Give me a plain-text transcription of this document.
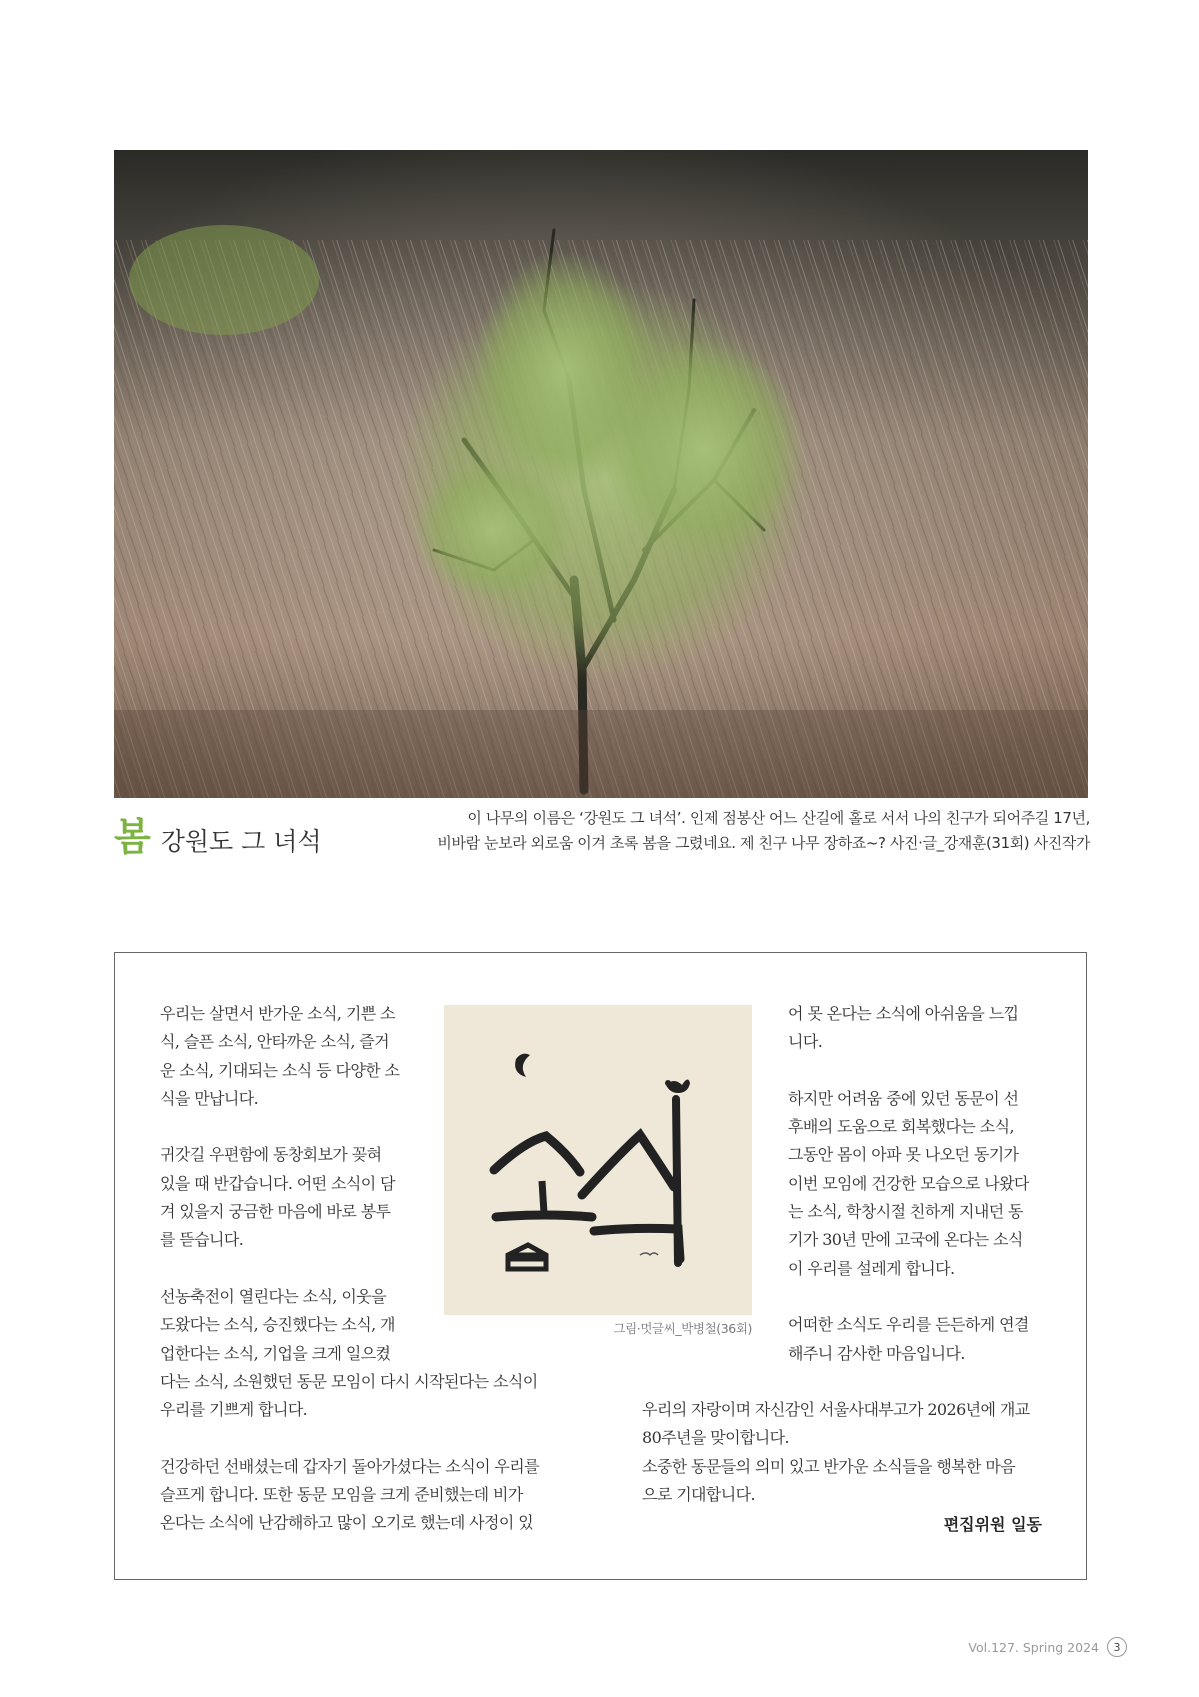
봄 강원도 그 녀석
이 나무의 이름은 ‘강원도 그 녀석’. 인제 점봉산 어느 산길에 홀로 서서 나의 친구가 되어주길 17년,
비바람 눈보라 외로움 이겨 초록 봄을 그렸네요. 제 친구 나무 장하죠~? 사진·글_강재훈(31회) 사진작가

우리는 살면서 반가운 소식, 기쁜 소
식, 슬픈 소식, 안타까운 소식, 즐거
운 소식, 기대되는 소식 등 다양한 소
식을 만납니다.

귀갓길 우편함에 동창회보가 꽂혀
있을 때 반갑습니다. 어떤 소식이 담
겨 있을지 궁금한 마음에 바로 봉투
를 뜯습니다.

선농축전이 열린다는 소식, 이웃을
도왔다는 소식, 승진했다는 소식, 개
업한다는 소식, 기업을 크게 일으켰

다는 소식, 소원했던 동문 모임이 다시 시작된다는 소식이
우리를 기쁘게 합니다.

건강하던 선배셨는데 갑자기 돌아가셨다는 소식이 우리를
슬프게 합니다. 또한 동문 모임을 크게 준비했는데 비가
온다는 소식에 난감해하고 많이 오기로 했는데 사정이 있

그림·멋글씨_박병철(36회)

어 못 온다는 소식에 아쉬움을 느낍
니다.

하지만 어려움 중에 있던 동문이 선
후배의 도움으로 회복했다는 소식,
그동안 몸이 아파 못 나오던 동기가
이번 모임에 건강한 모습으로 나왔다
는 소식, 학창시절 친하게 지내던 동
기가 30년 만에 고국에 온다는 소식
이 우리를 설레게 합니다.

어떠한 소식도 우리를 든든하게 연결
해주니 감사한 마음입니다.

우리의 자랑이며 자신감인 서울사대부고가 2026년에 개교
80주년을 맞이합니다.
소중한 동문들의 의미 있고 반가운 소식들을 행복한 마음
으로 기대합니다.

편집위원 일동
Vol.127. Spring 2024	3
